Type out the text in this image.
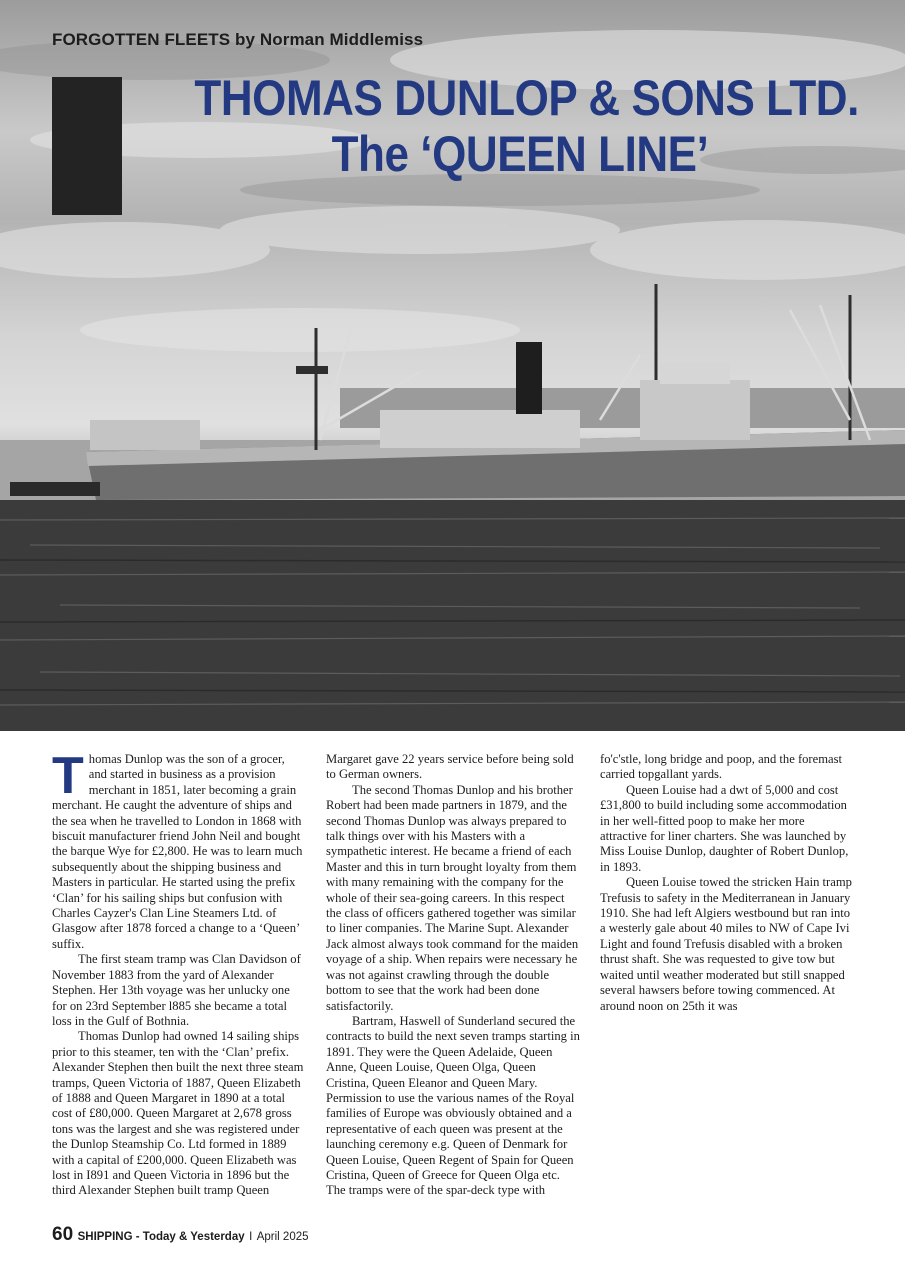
FORGOTTEN FLEETS by Norman Middlemiss

THOMAS DUNLOP & SONS LTD.
The ‘QUEEN LINE’

Thomas Dunlop was the son of a grocer, and started in business as a provision merchant in 1851, later becoming a grain merchant. He caught the adventure of ships and the sea when he travelled to London in 1868 with biscuit manufacturer friend John Neil and bought the barque Wye for £2,800. He was to learn much subsequently about the shipping business and Masters in particular. He started using the prefix ‘Clan’ for his sailing ships but confusion with Charles Cayzer's Clan Line Steamers Ltd. of Glasgow after 1878 forced a change to a ‘Queen’ suffix.

The first steam tramp was Clan Davidson of November 1883 from the yard of Alexander Stephen. Her 13th voyage was her unlucky one for on 23rd September l885 she became a total loss in the Gulf of Bothnia.

Thomas Dunlop had owned 14 sailing ships prior to this steamer, ten with the ‘Clan’ prefix. Alexander Stephen then built the next three steam tramps, Queen Victoria of 1887, Queen Elizabeth of 1888 and Queen Margaret in 1890 at a total cost of £80,000. Queen Margaret at 2,678 gross tons was the largest and she was registered under the Dunlop Steamship Co. Ltd formed in 1889 with a capital of £200,000. Queen Elizabeth was lost in I891 and Queen Victoria in 1896 but the third Alexander Stephen built tramp Queen Margaret gave 22 years service before being sold to German owners.

The second Thomas Dunlop and his brother Robert had been made partners in 1879, and the second Thomas Dunlop was always prepared to talk things over with his Masters with a sympathetic interest. He became a friend of each Master and this in turn brought loyalty from them with many remaining with the company for the whole of their sea-going careers. In this respect the class of officers gathered together was similar to liner companies. The Marine Supt. Alexander Jack almost always took command for the maiden voyage of a ship. When repairs were necessary he was not against crawling through the double bottom to see that the work had been done satisfactorily.

Bartram, Haswell of Sunderland secured the contracts to build the next seven tramps starting in 1891. They were the Queen Adelaide, Queen Anne, Queen Louise, Queen Olga, Queen Cristina, Queen Eleanor and Queen Mary. Permission to use the various names of the Royal families of Europe was obviously obtained and a representative of each queen was present at the launching ceremony e.g. Queen of Denmark for Queen Louise, Queen Regent of Spain for Queen Cristina, Queen of Greece for Queen Olga etc. The tramps were of the spar-deck type with fo'c'stle, long bridge and poop, and the foremast carried topgallant yards.

Queen Louise had a dwt of 5,000 and cost £31,800 to build including some accommodation in her well-fitted poop to make her more attractive for liner charters. She was launched by Miss Louise Dunlop, daughter of Robert Dunlop, in 1893.

Queen Louise towed the stricken Hain tramp Trefusis to safety in the Mediterranean in January 1910. She had left Algiers westbound but ran into a westerly gale about 40 miles to NW of Cape Ivi Light and found Trefusis disabled with a broken thrust shaft. She was requested to give tow but waited until weather moderated but still snapped several hawsers before towing commenced. At around noon on 25th it was

60 SHIPPING - Today & Yesterday I April 2025
